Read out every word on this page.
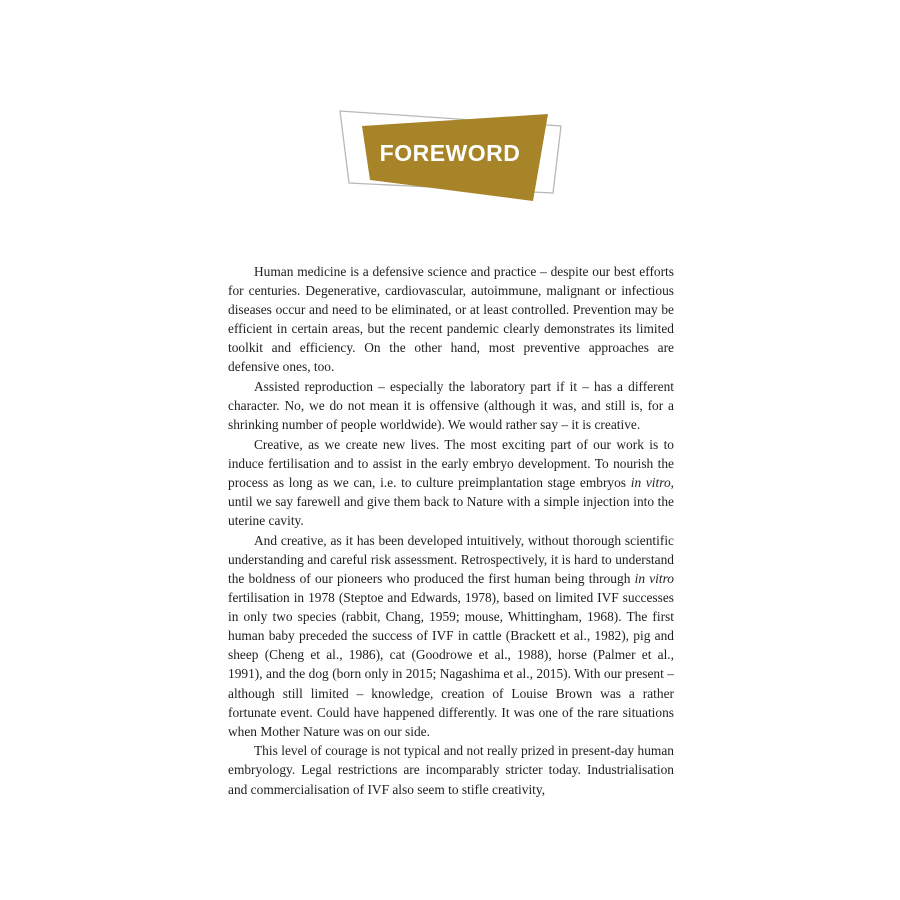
FOREWORD

Human medicine is a defensive science and practice – despite our best efforts for centuries. Degenerative, cardiovascular, autoimmune, malignant or infectious diseases occur and need to be eliminated, or at least controlled. Prevention may be efficient in certain areas, but the recent pandemic clearly demonstrates its limited toolkit and efficiency. On the other hand, most preventive approaches are defensive ones, too.

Assisted reproduction – especially the laboratory part if it – has a different character. No, we do not mean it is offensive (although it was, and still is, for a shrinking number of people worldwide). We would rather say – it is creative.

Creative, as we create new lives. The most exciting part of our work is to induce fertilisation and to assist in the early embryo development. To nourish the process as long as we can, i.e. to culture preimplantation stage embryos in vitro, until we say farewell and give them back to Nature with a simple injection into the uterine cavity.

And creative, as it has been developed intuitively, without thorough scientific understanding and careful risk assessment. Retrospectively, it is hard to understand the boldness of our pioneers who produced the first human being through in vitro fertilisation in 1978 (Steptoe and Edwards, 1978), based on limited IVF successes in only two species (rabbit, Chang, 1959; mouse, Whittingham, 1968). The first human baby preceded the success of IVF in cattle (Brackett et al., 1982), pig and sheep (Cheng et al., 1986), cat (Goodrowe et al., 1988), horse (Palmer et al., 1991), and the dog (born only in 2015; Nagashima et al., 2015). With our present – although still limited – knowledge, creation of Louise Brown was a rather fortunate event. Could have happened differently. It was one of the rare situations when Mother Nature was on our side.

This level of courage is not typical and not really prized in present-day human embryology. Legal restrictions are incomparably stricter today. Industrialisation and commercialisation of IVF also seem to stifle creativity,
